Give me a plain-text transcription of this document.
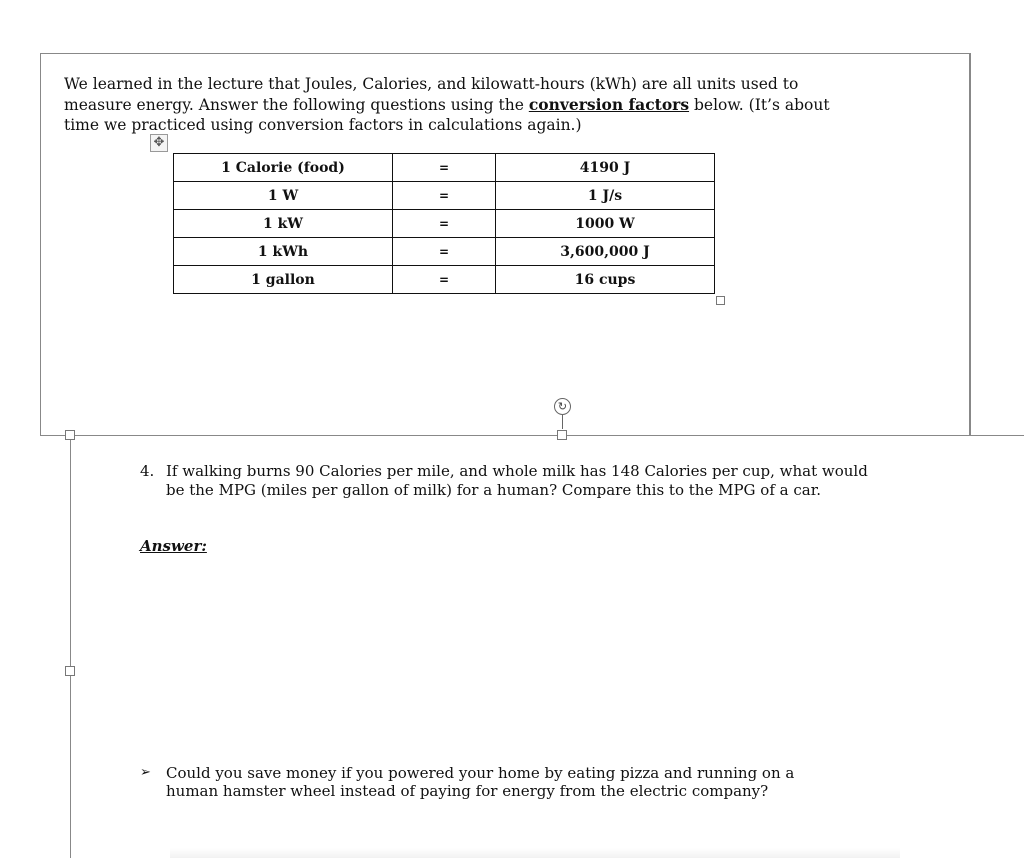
We learned in the lecture that Joules, Calories, and kilowatt-hours (kWh) are all units used to measure energy. Answer the following questions using the conversion factors below. (It’s about time we practiced using conversion factors in calculations again.)

✥
1 Calorie (food)	=	4190 J
1 W	=	1 J/s
1 kW	=	1000 W
1 kWh	=	3,600,000 J
1 gallon	=	16 cups
↻
4. If walking burns 90 Calories per mile, and whole milk has 148 Calories per cup, what would be the MPG (miles per gallon of milk) for a human? Compare this to the MPG of a car.
Answer:
➢ Could you save money if you powered your home by eating pizza and running on a human hamster wheel instead of paying for energy from the electric company?
